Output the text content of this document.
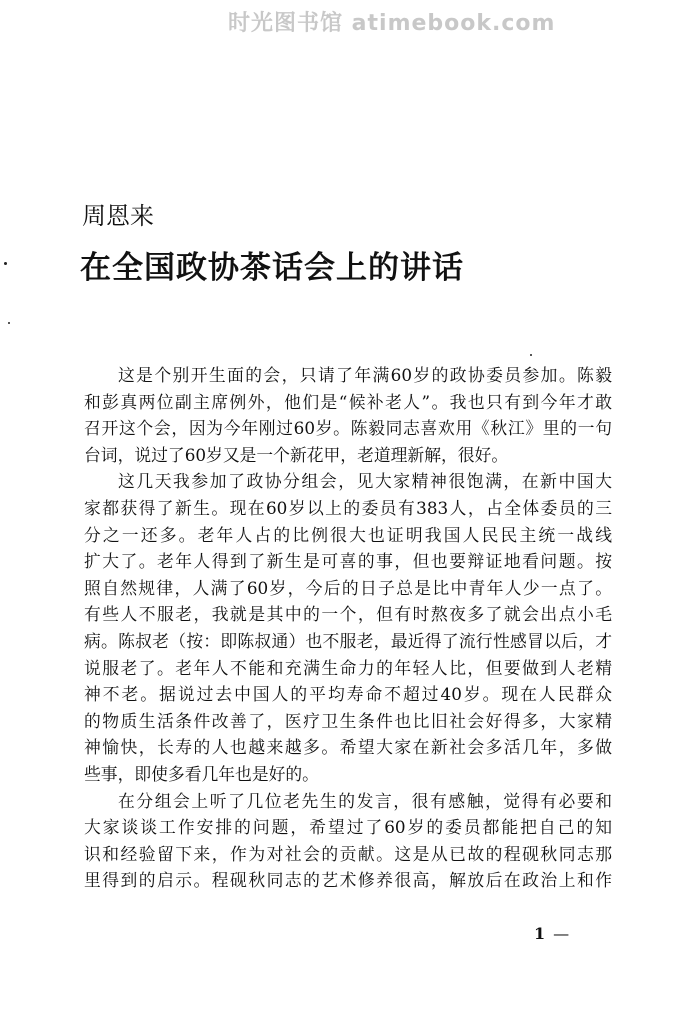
时光图书馆 atimebook.com
周恩来
在全国政协茶话会上的讲话
这是个别开生面的会，只请了年满60岁的政协委员参加。陈毅
和彭真两位副主席例外，他们是“候补老人”。我也只有到今年才敢
召开这个会，因为今年刚过60岁。陈毅同志喜欢用《秋江》里的一句
台词，说过了60岁又是一个新花甲，老道理新解，很好。
这几天我参加了政协分组会，见大家精神很饱满，在新中国大
家都获得了新生。现在60岁以上的委员有383人，占全体委员的三
分之一还多。老年人占的比例很大也证明我国人民民主统一战线
扩大了。老年人得到了新生是可喜的事，但也要辩证地看问题。按
照自然规律，人满了60岁，今后的日子总是比中青年人少一点了。
有些人不服老，我就是其中的一个，但有时熬夜多了就会出点小毛
病。陈叔老（按：即陈叔通）也不服老，最近得了流行性感冒以后，才
说服老了。老年人不能和充满生命力的年轻人比，但要做到人老精
神不老。据说过去中国人的平均寿命不超过40岁。现在人民群众
的物质生活条件改善了，医疗卫生条件也比旧社会好得多，大家精
神愉快，长寿的人也越来越多。希望大家在新社会多活几年，多做
些事，即使多看几年也是好的。
在分组会上听了几位老先生的发言，很有感触，觉得有必要和
大家谈谈工作安排的问题，希望过了60岁的委员都能把自己的知
识和经验留下来，作为对社会的贡献。这是从已故的程砚秋同志那
里得到的启示。程砚秋同志的艺术修养很高，解放后在政治上和作
1 —
